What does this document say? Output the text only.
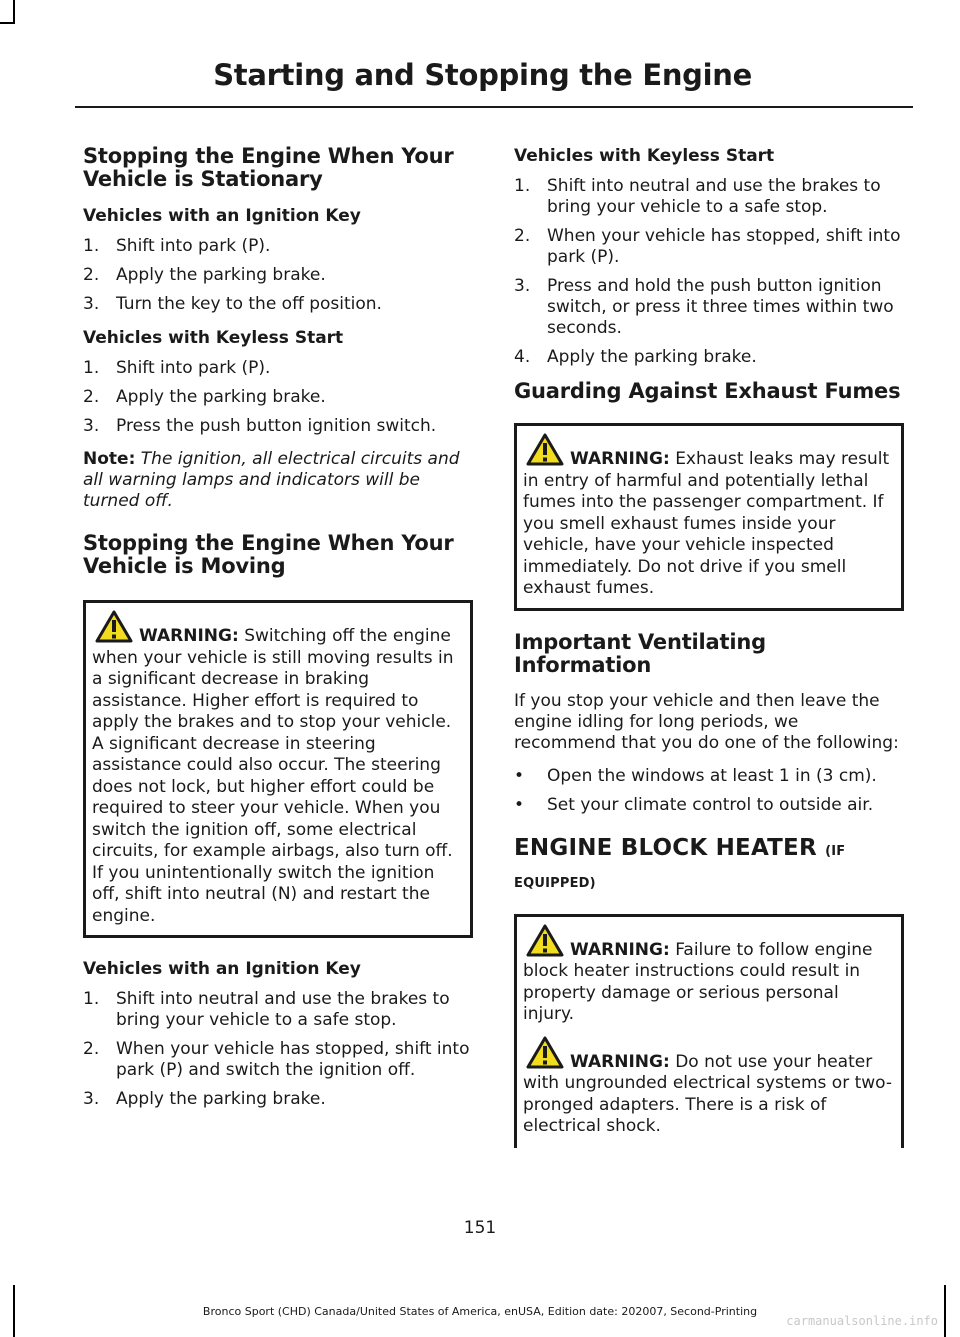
Starting and Stopping the Engine
Stopping the Engine When Your Vehicle is Stationary
Vehicles with an Ignition Key
1. Shift into park (P).
2. Apply the parking brake.
3. Turn the key to the off position.
Vehicles with Keyless Start
1. Shift into park (P).
2. Apply the parking brake.
3. Press the push button ignition switch.

Note: The ignition, all electrical circuits and all warning lamps and indicators will be turned off.

Stopping the Engine When Your Vehicle is Moving

WARNING: Switching off the engine when your vehicle is still moving results in a significant decrease in braking assistance. Higher effort is required to apply the brakes and to stop your vehicle. A significant decrease in steering assistance could also occur. The steering does not lock, but higher effort could be required to steer your vehicle. When you switch the ignition off, some electrical circuits, for example airbags, also turn off. If you unintentionally switch the ignition off, shift into neutral (N) and restart the engine.

Vehicles with an Ignition Key
1. Shift into neutral and use the brakes to bring your vehicle to a safe stop.
2. When your vehicle has stopped, shift into park (P) and switch the ignition off.
3. Apply the parking brake.
Vehicles with Keyless Start
1. Shift into neutral and use the brakes to bring your vehicle to a safe stop.
2. When your vehicle has stopped, shift into park (P).
3. Press and hold the push button ignition switch, or press it three times within two seconds.
4. Apply the parking brake.
Guarding Against Exhaust Fumes

WARNING: Exhaust leaks may result in entry of harmful and potentially lethal fumes into the passenger compartment. If you smell exhaust fumes inside your vehicle, have your vehicle inspected immediately. Do not drive if you smell exhaust fumes.

Important Ventilating Information

If you stop your vehicle and then leave the engine idling for long periods, we recommend that you do one of the following:

• Open the windows at least 1 in (3 cm).
• Set your climate control to outside air.
ENGINE BLOCK HEATER (IF EQUIPPED)

WARNING: Failure to follow engine block heater instructions could result in property damage or serious personal injury.

WARNING: Do not use your heater with ungrounded electrical systems or two-pronged adapters. There is a risk of electrical shock.

151
Bronco Sport (CHD) Canada/United States of America, enUSA, Edition date: 202007, Second-Printing
carmanualsonline.info
